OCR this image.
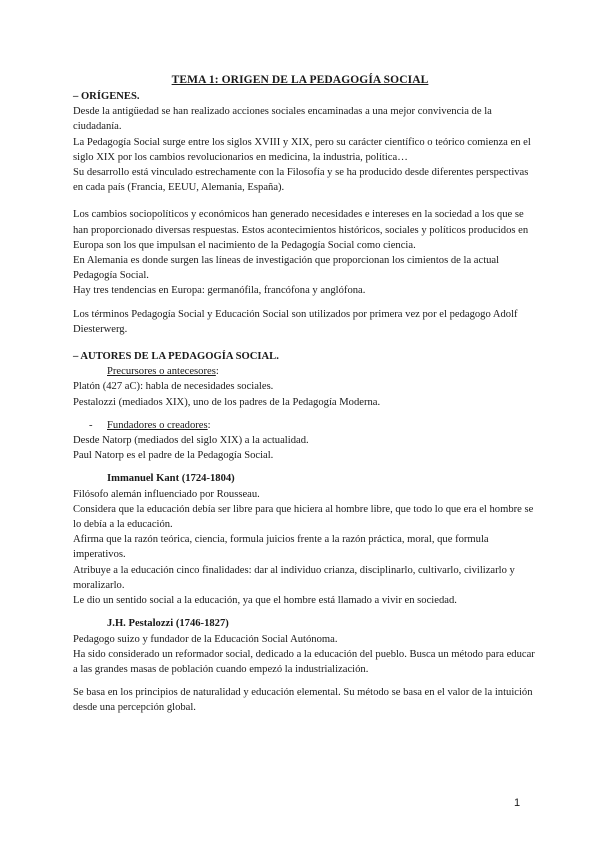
TEMA 1: ORIGEN DE LA PEDAGOGÍA SOCIAL

– ORÍGENES.

Desde la antigüedad se han realizado acciones sociales encaminadas a una mejor convivencia de la ciudadanía.

La Pedagogía Social surge entre los siglos XVIII y XIX, pero su carácter científico o teórico comienza en el siglo XIX por los cambios revolucionarios en medicina, la industria, política…

Su desarrollo está vinculado estrechamente con la Filosofía y se ha producido desde diferentes perspectivas en cada país (Francia, EEUU, Alemania, España).

Los cambios sociopolíticos y económicos han generado necesidades e intereses en la sociedad a los que se han proporcionado diversas respuestas. Estos acontecimientos históricos, sociales y políticos producidos en Europa son los que impulsan el nacimiento de la Pedagogía Social como ciencia.

En Alemania es donde surgen las líneas de investigación que proporcionan los cimientos de la actual Pedagogía Social.

Hay tres tendencias en Europa: germanófila, francófona y anglófona.

Los términos Pedagogía Social y Educación Social son utilizados por primera vez por el pedagogo Adolf Diesterwerg.

– AUTORES DE LA PEDAGOGÍA SOCIAL.

Precursores o antecesores:

Platón (427 aC): habla de necesidades sociales.

Pestalozzi (mediados XIX), uno de los padres de la Pedagogía Moderna.

-	Fundadores o creadores:

Desde Natorp (mediados del siglo XIX) a la actualidad.

Paul Natorp es el padre de la Pedagogía Social.

Immanuel Kant (1724-1804)

Filósofo alemán influenciado por Rousseau.

Considera que la educación debía ser libre para que hiciera al hombre libre, que todo lo que era el hombre se lo debía a la educación.

Afirma que la razón teórica, ciencia, formula juicios frente a la razón práctica, moral, que formula imperativos.

Atribuye a la educación cinco finalidades: dar al individuo crianza, disciplinarlo, cultivarlo, civilizarlo y moralizarlo.

Le dio un sentido social a la educación, ya que el hombre está llamado a vivir en sociedad.

J.H. Pestalozzi (1746-1827)

Pedagogo suizo y fundador de la Educación Social Autónoma.

Ha sido considerado un reformador social, dedicado a la educación del pueblo. Busca un método para educar a las grandes masas de población cuando empezó la industrialización.

Se basa en los principios de naturalidad y educación elemental. Su método se basa en el valor de la intuición desde una percepción global.

1
